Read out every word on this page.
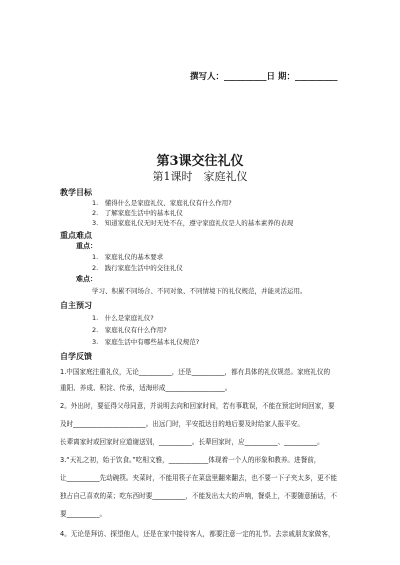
撰写人：__________日 期：__________
第3课交往礼仪
第1课时　家庭礼仪
教学目标
1.　懂得什么是家庭礼仪、家庭礼仪有什么作用?
2.　了解家庭生活中的基本礼仪
3.　知道家庭礼仪无时无处不在，遵守家庭礼仪是人的基本素养的表现
重点难点
重点：
1.　家庭礼仪的基本要求
2.　践行家庭生活中的交往礼仪
难点：
学习、积累不同场合、不同对象、不同情境下的礼仪规范，并能灵活运用。
自主预习
1.　什么是家庭礼仪?
2.　家庭礼仪有什么作用?
3.　家庭生活中有哪些基本礼仪规范?
自学反馈
1.中国家庭注重礼仪，无论__________，还是__________，都有具体的礼仪规范。家庭礼仪的
重阳、养成、积淀、传承，适海形成__________________。
2。外出时，要征得父母同意，并说明去向和回家时间，若有事耽误，不能在预定时间回家，要
及时______________________。出远门时，平安抵达目的地后要及时给家人报平安。
长辈离家时或回家时应道谢送别，__________。长辈回家时，应__________、__________。
3.“天礼之初，始于饮食。”吃相文雅，____________体现着一个人的形象和教养。进餐前，
让__________先动碗筷。夹菜时，不能用筷子在菜盘里翻来翻去，也不要一下子夹太多，更不能
独占自己喜欢的菜；吃东西时要__________，不能发出太大的声响，餐桌上，不要随意插话，不
要__________。
4。无论是拜访、探望他人，还是在家中接待客人，都要注意一定的礼节。去亲戚朋友家做客，
